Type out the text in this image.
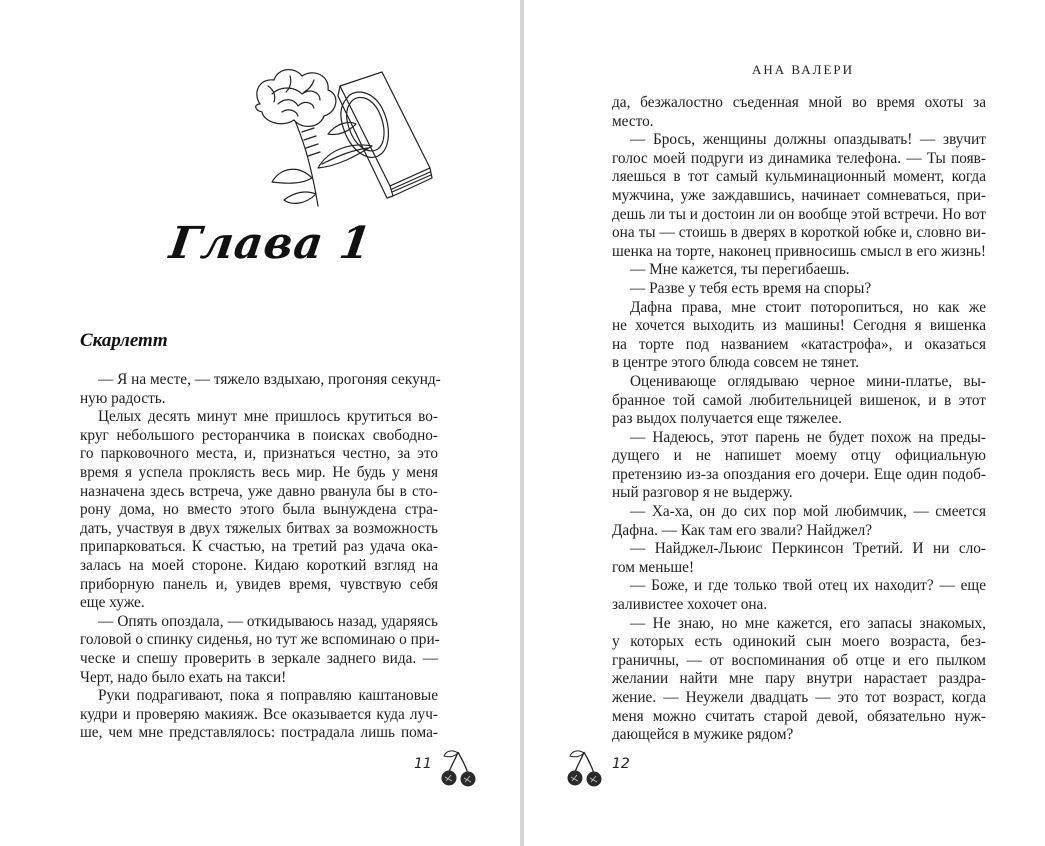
Глава 1
Скарлетт
— Я на месте, — тяжело вздыхаю, прогоняя секунд-
ную радость.
Целых десять минут мне пришлось крутиться во-
круг небольшого ресторанчика в поисках свободно-
го парковочного места, и, признаться честно, за это
время я успела проклясть весь мир. Не будь у меня
назначена здесь встреча, уже давно рванула бы в сто-
рону дома, но вместо этого была вынуждена стра-
дать, участвуя в двух тяжелых битвах за возможность
припарковаться. К счастью, на третий раз удача ока-
залась на моей стороне. Кидаю короткий взгляд на
приборную панель и, увидев время, чувствую себя
еще хуже.
— Опять опоздала, — откидываюсь назад, ударяясь
головой о спинку сиденья, но тут же вспоминаю о при-
ческе и спешу проверить в зеркале заднего вида. —
Черт, надо было ехать на такси!
Руки подрагивают, пока я поправляю каштановые
кудри и проверяю макияж. Все оказывается куда луч-
ше, чем мне представлялось: пострадала лишь пома-
11
АНА ВАЛЕРИ
да, безжалостно съеденная мной во время охоты за
место.
— Брось, женщины должны опаздывать! — звучит
голос моей подруги из динамика телефона. — Ты появ-
ляешься в тот самый кульминационный момент, когда
мужчина, уже заждавшись, начинает сомневаться, при-
дешь ли ты и достоин ли он вообще этой встречи. Но вот
она ты — стоишь в дверях в короткой юбке и, словно ви-
шенка на торте, наконец привносишь смысл в его жизнь!
— Мне кажется, ты перегибаешь.
— Разве у тебя есть время на споры?
Дафна права, мне стоит поторопиться, но как же
не хочется выходить из машины! Сегодня я вишенка
на торте под названием «катастрофа», и оказаться
в центре этого блюда совсем не тянет.
Оценивающе оглядываю черное мини-платье, вы-
бранное той самой любительницей вишенок, и в этот
раз выдох получается еще тяжелее.
— Надеюсь, этот парень не будет похож на преды-
дущего и не напишет моему отцу официальную
претензию из-за опоздания его дочери. Еще один подоб-
ный разговор я не выдержу.
— Ха-ха, он до сих пор мой любимчик, — смеется
Дафна. — Как там его звали? Найджел?
— Найджел-Льюис Перкинсон Третий. И ни сло-
гом меньше!
— Боже, и где только твой отец их находит? — еще
заливистее хохочет она.
— Не знаю, но мне кажется, его запасы знакомых,
у которых есть одинокий сын моего возраста, без-
граничны, — от воспоминания об отце и его пылком
желании найти мне пару внутри нарастает раздра-
жение. — Неужели двадцать — это тот возраст, когда
меня можно считать старой девой, обязательно нуж-
дающейся в мужике рядом?
12
